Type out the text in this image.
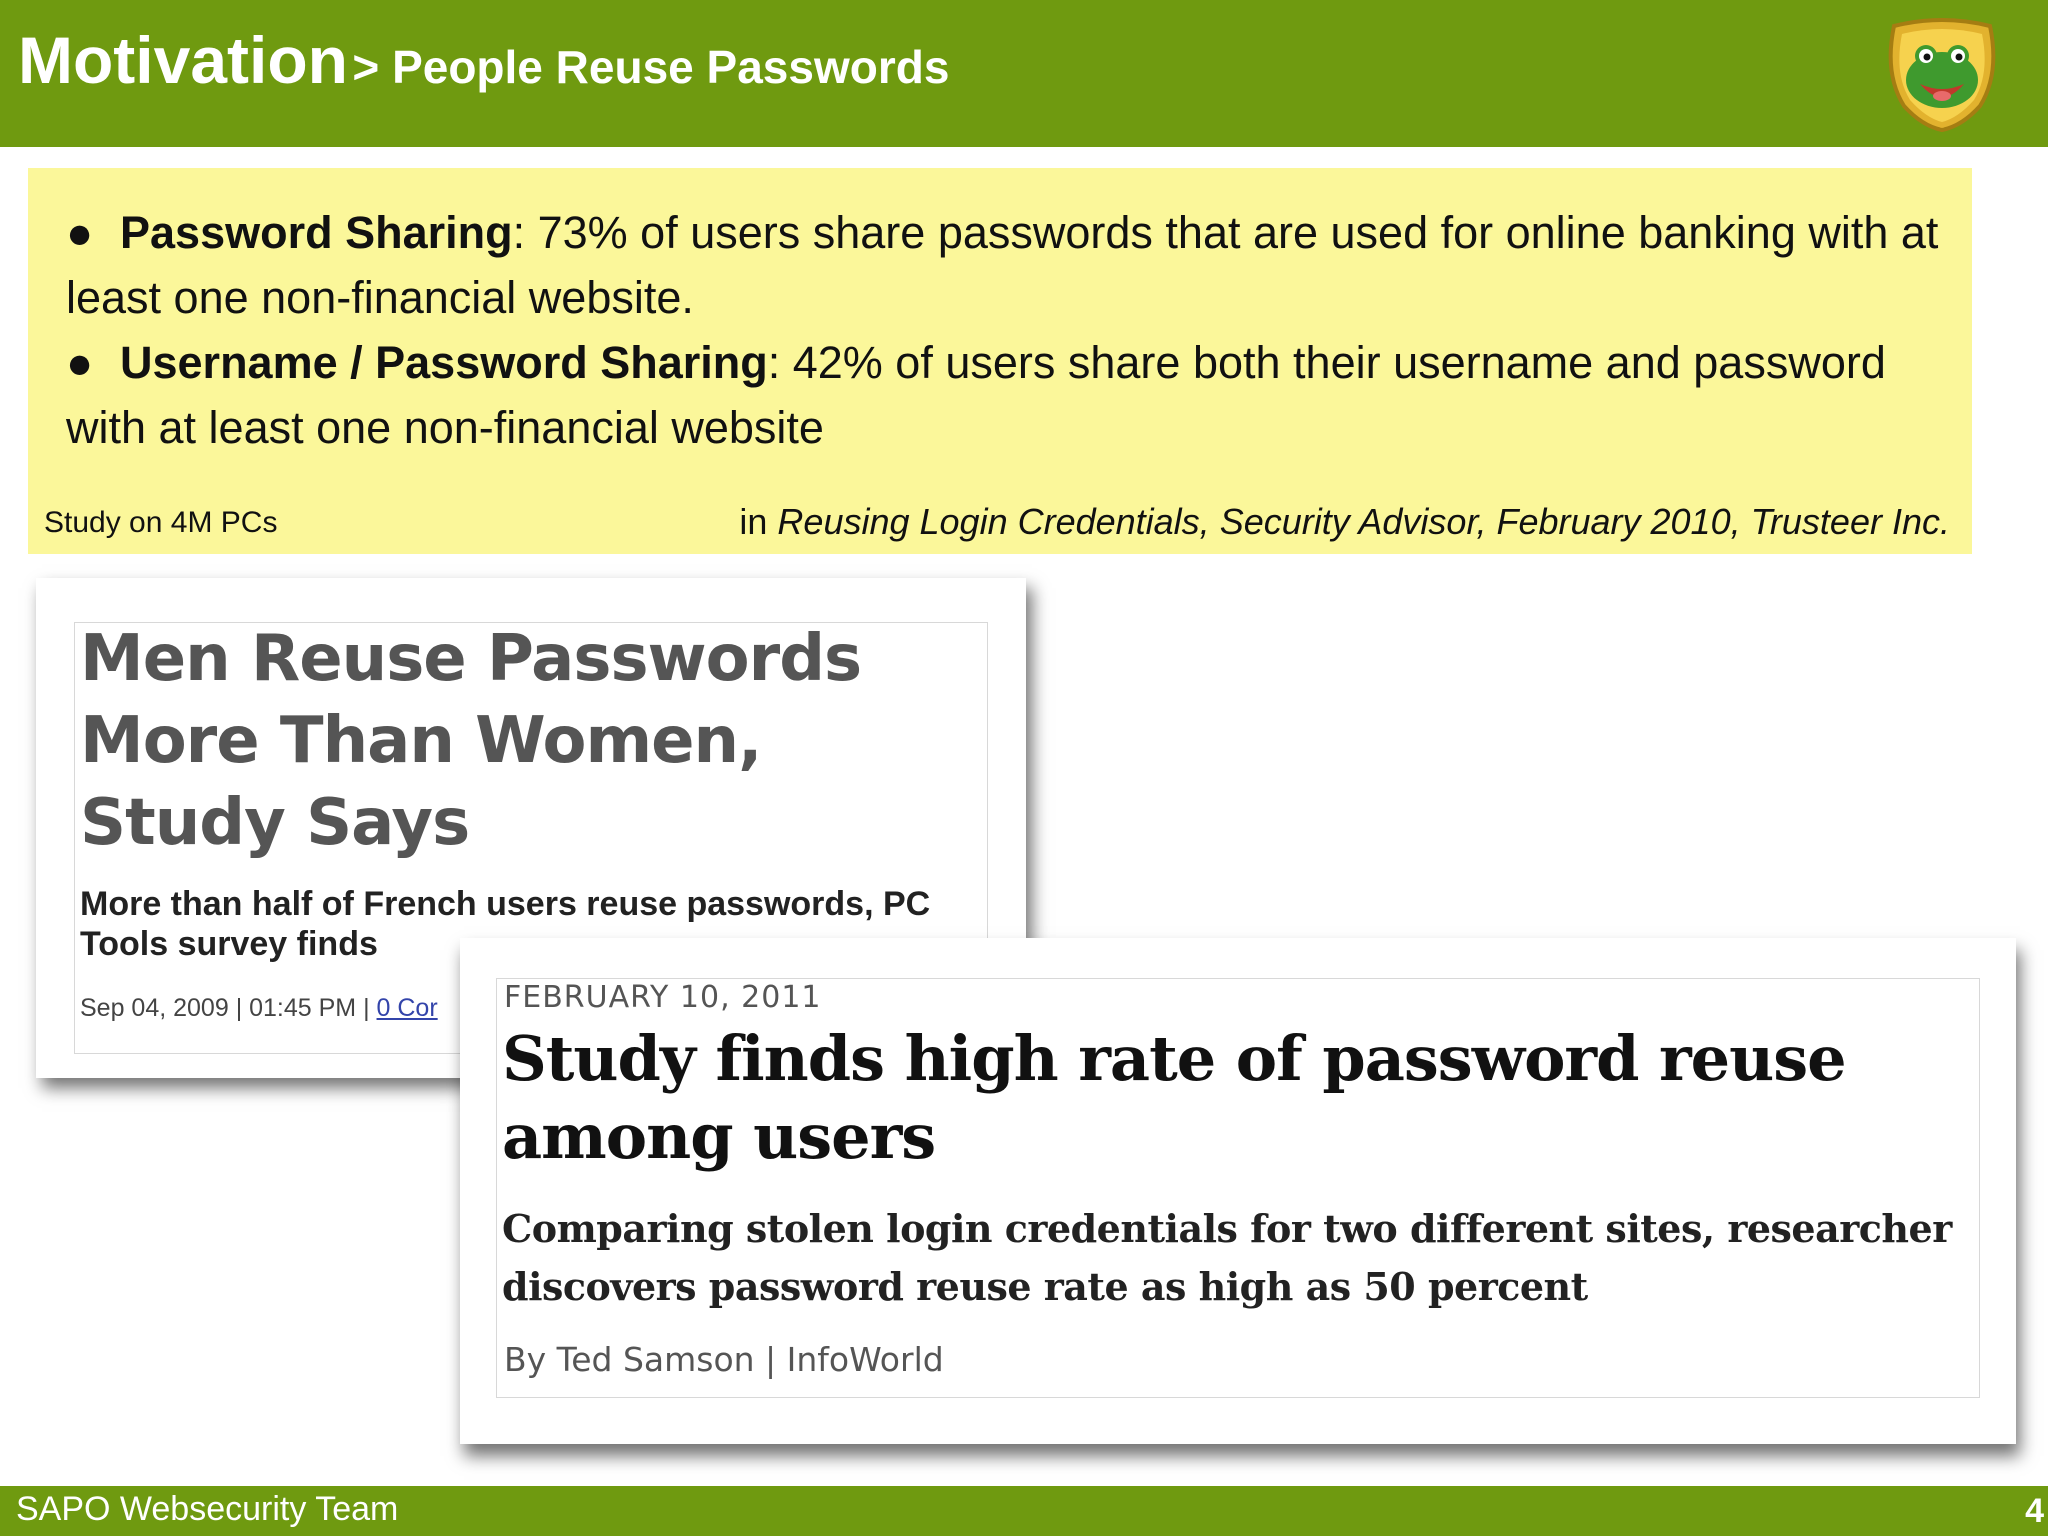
Motivation > People Reuse Passwords

● Password Sharing: 73% of users share passwords that are used for online banking with at least one non-financial website.

● Username / Password Sharing: 42% of users share both their username and password with at least one non-financial website

Study on 4M PCs	in Reusing Login Credentials, Security Advisor, February 2010, Trusteer Inc.
Men Reuse Passwords More Than Women, Study Says
More than half of French users reuse passwords, PC Tools survey finds
Sep 04, 2009 | 01:45 PM | 0 Cor FEBRUARY 10, 2011
Study finds high rate of password reuse among users
Comparing stolen login credentials for two different sites, researcher discovers password reuse rate as high as 50 percent
By Ted Samson | InfoWorld
SAPO Websecurity Team	4
